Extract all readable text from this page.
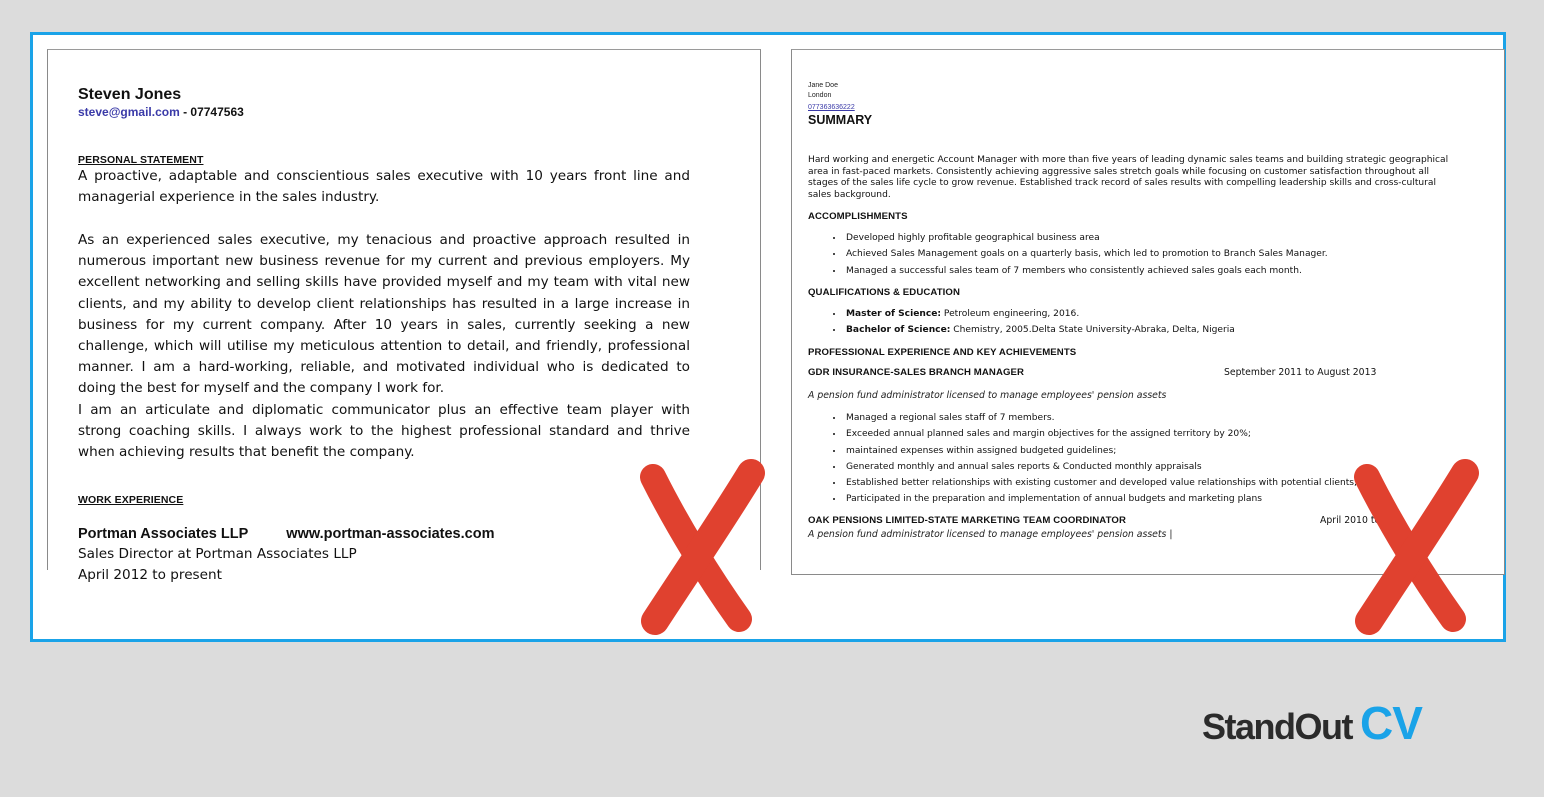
Steven Jones
steve@gmail.com - 07747563
PERSONAL STATEMENT

A proactive, adaptable and conscientious sales executive with 10 years front line and managerial experience in the sales industry.

As an experienced sales executive, my tenacious and proactive approach resulted in numerous important new business revenue for my current and previous employers. My excellent networking and selling skills have provided myself and my team with vital new clients, and my ability to develop client relationships has resulted in a large increase in business for my current company. After 10 years in sales, currently seeking a new challenge, which will utilise my meticulous attention to detail, and friendly, professional manner. I am a hard-working, reliable, and motivated individual who is dedicated to doing the best for myself and the company I work for.

I am an articulate and diplomatic communicator plus an effective team player with strong coaching skills. I always work to the highest professional standard and thrive when achieving results that benefit the company.

WORK EXPERIENCE
Portman Associates LLP	www.portman-associates.com
Sales Director at Portman Associates LLP
April 2012 to present
Jane Doe
London
077363636222
SUMMARY

Hard working and energetic Account Manager with more than five years of leading dynamic sales teams and building strategic geographical area in fast-paced markets. Consistently achieving aggressive sales stretch goals while focusing on customer satisfaction throughout all stages of the sales life cycle to grow revenue. Established track record of sales results with compelling leadership skills and cross-cultural sales background.

ACCOMPLISHMENTS
• Developed highly profitable geographical business area
• Achieved Sales Management goals on a quarterly basis, which led to promotion to Branch Sales Manager.
• Managed a successful sales team of 7 members who consistently achieved sales goals each month.
QUALIFICATIONS & EDUCATION
• Master of Science: Petroleum engineering, 2016.
• Bachelor of Science: Chemistry, 2005.Delta State University-Abraka, Delta, Nigeria
PROFESSIONAL EXPERIENCE AND KEY ACHIEVEMENTS
GDR INSURANCE-SALES BRANCH MANAGER	September 2011 to August 2013
A pension fund administrator licensed to manage employees' pension assets
• Managed a regional sales staff of 7 members.
• Exceeded annual planned sales and margin objectives for the assigned territory by 20%;
• maintained expenses within assigned budgeted guidelines;
• Generated monthly and annual sales reports & Conducted monthly appraisals
• Established better relationships with existing customer and developed value relationships with potential clients;
• Participated in the preparation and implementation of annual budgets and marketing plans
OAK PENSIONS LIMITED-STATE MARKETING TEAM COORDINATOR	April 2010 to A
A pension fund administrator licensed to manage employees' pension assets |
StandOut CV
